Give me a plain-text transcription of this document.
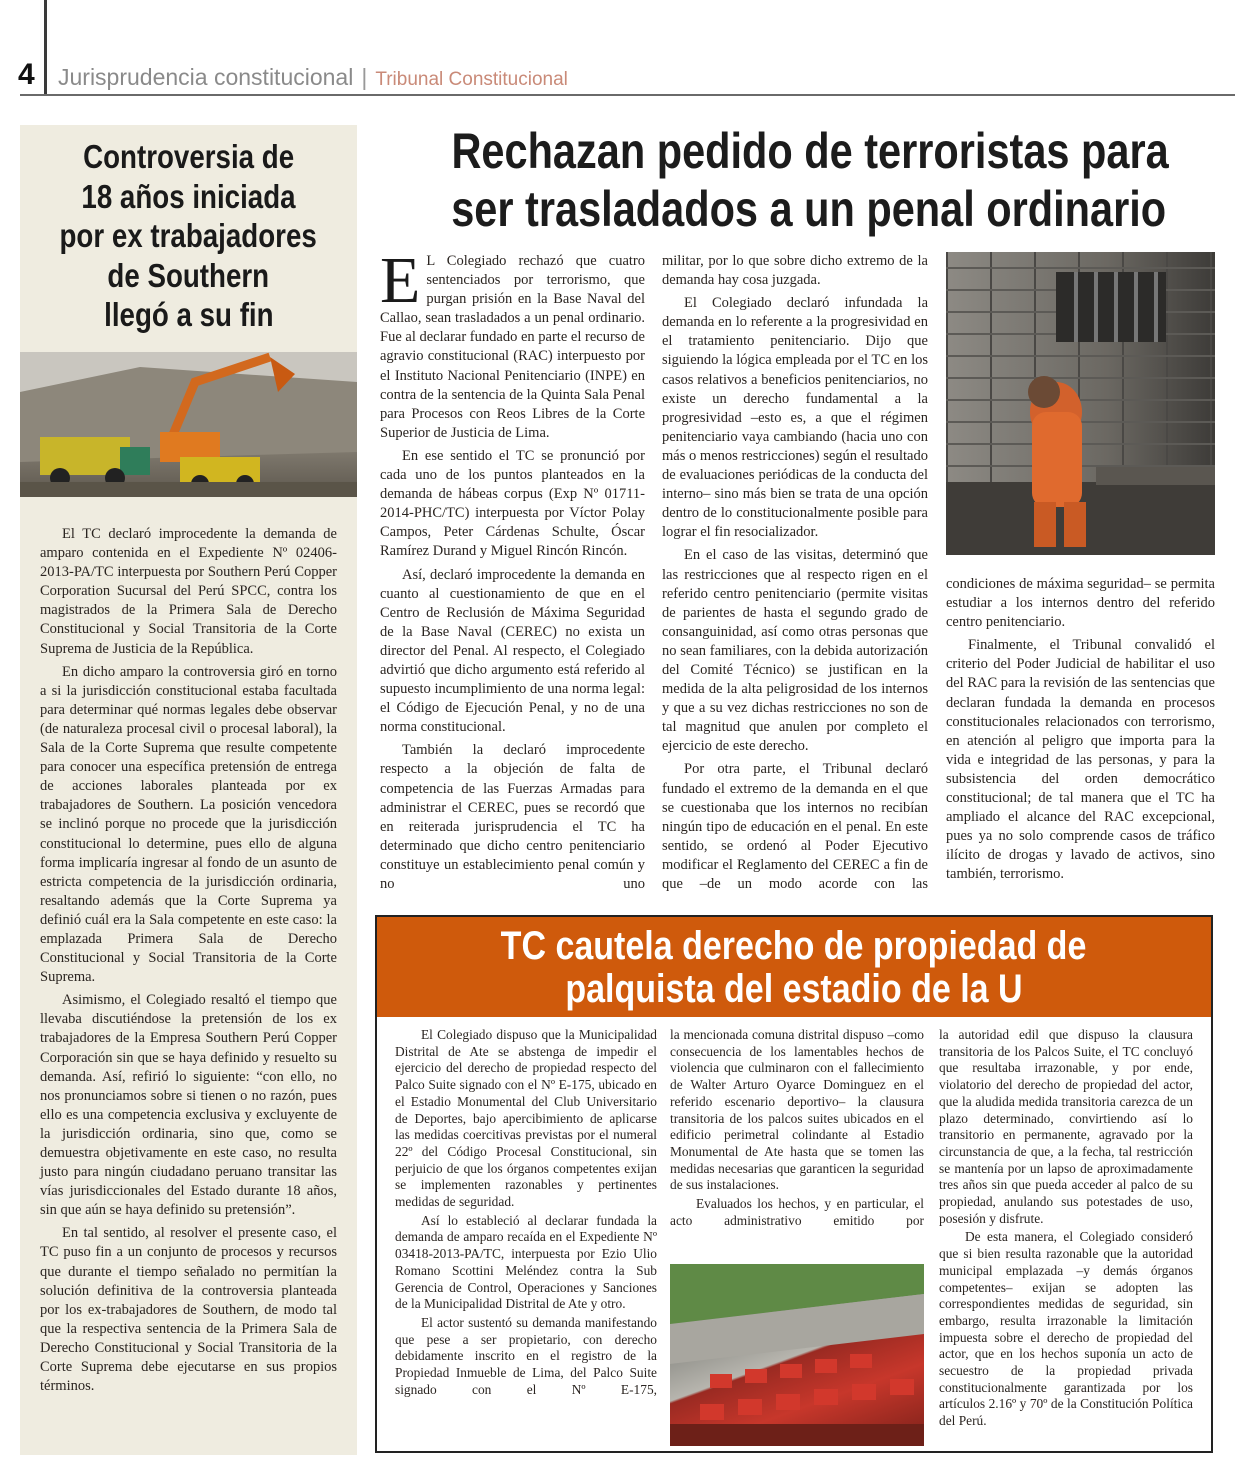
4 Jurisprudencia constitucional | Tribunal Constitucional
Controversia de
18 años iniciada
por ex trabajadores
de Southern
llegó a su fin

El TC declaró improcedente la demanda de amparo contenida en el Expediente Nº 02406-2013-PA/TC interpuesta por Southern Perú Copper Corporation Sucursal del Perú SPCC, contra los magistrados de la Primera Sala de Derecho Constitucional y Social Transitoria de la Corte Suprema de Justicia de la República.

En dicho amparo la controversia giró en torno a si la jurisdicción constitucional estaba facultada para determinar qué normas legales debe observar (de naturaleza procesal civil o procesal laboral), la Sala de la Corte Suprema que resulte competente para conocer una específica pretensión de entrega de acciones laborales planteada por ex trabajadores de Southern. La posición vencedora se inclinó porque no procede que la jurisdicción constitucional lo determine, pues ello de alguna forma implicaría ingresar al fondo de un asunto de estricta competencia de la jurisdicción ordinaria, resaltando además que la Corte Suprema ya definió cuál era la Sala competente en este caso: la emplazada Primera Sala de Derecho Constitucional y Social Transitoria de la Corte Suprema.

Asimismo, el Colegiado resaltó el tiempo que llevaba discutiéndose la pretensión de los ex trabajadores de la Empresa Southern Perú Copper Corporación sin que se haya definido y resuelto su demanda. Así, refirió lo siguiente: “con ello, no nos pronunciamos sobre si tienen o no razón, pues ello es una competencia exclusiva y excluyente de la jurisdicción ordinaria, sino que, como se demuestra objetivamente en este caso, no resulta justo para ningún ciudadano peruano transitar las vías jurisdiccionales del Estado durante 18 años, sin que aún se haya definido su pretensión”.

En tal sentido, al resolver el presente caso, el TC puso fin a un conjunto de procesos y recursos que durante el tiempo señalado no permitían la solución definitiva de la controversia planteada por los ex-trabajadores de Southern, de modo tal que la respectiva sentencia de la Primera Sala de Derecho Constitucional y Social Transitoria de la Corte Suprema debe ejecutarse en sus propios términos.

Rechazan pedido de terroristas para
ser trasladados a un penal ordinario

E L Colegiado rechazó que cuatro sentenciados por terrorismo, que purgan prisión en la Base Naval del Callao, sean trasladados a un penal ordinario. Fue al declarar fundado en parte el recurso de agravio constitucional (RAC) interpuesto por el Instituto Nacional Penitenciario (INPE) en contra de la sentencia de la Quinta Sala Penal para Procesos con Reos Libres de la Corte Superior de Justicia de Lima.

En ese sentido el TC se pronunció por cada uno de los puntos planteados en la demanda de hábeas corpus (Exp Nº 01711-2014-PHC/TC) interpuesta por Víctor Polay Campos, Peter Cárdenas Schulte, Óscar Ramírez Durand y Miguel Rincón Rincón.

Así, declaró improcedente la demanda en cuanto al cuestionamiento de que en el Centro de Reclusión de Máxima Seguridad de la Base Naval (CEREC) no exista un director del Penal. Al respecto, el Colegiado advirtió que dicho argumento está referido al supuesto incumplimiento de una norma legal: el Código de Ejecución Penal, y no de una norma constitucional.

También la declaró improcedente respecto a la objeción de falta de competencia de las Fuerzas Armadas para administrar el CEREC, pues se recordó que en reiterada jurisprudencia el TC ha determinado que dicho centro penitenciario constituye un establecimiento penal común y no uno

militar, por lo que sobre dicho extremo de la demanda hay cosa juzgada.

El Colegiado declaró infundada la demanda en lo referente a la progresividad en el tratamiento penitenciario. Dijo que siguiendo la lógica empleada por el TC en los casos relativos a beneficios penitenciarios, no existe un derecho fundamental a la progresividad –esto es, a que el régimen penitenciario vaya cambiando (hacia uno con más o menos restricciones) según el resultado de evaluaciones periódicas de la conducta del interno– sino más bien se trata de una opción dentro de lo constitucionalmente posible para lograr el fin resocializador.

En el caso de las visitas, determinó que las restricciones que al respecto rigen en el referido centro penitenciario (permite visitas de parientes de hasta el segundo grado de consanguinidad, así como otras personas que no sean familiares, con la debida autorización del Comité Técnico) se justifican en la medida de la alta peligrosidad de los internos y que a su vez dichas restricciones no son de tal magnitud que anulen por completo el ejercicio de este derecho.

Por otra parte, el Tribunal declaró fundado el extremo de la demanda en el que se cuestionaba que los internos no recibían ningún tipo de educación en el penal. En este sentido, se ordenó al Poder Ejecutivo modificar el Reglamento del CEREC a fin de que –de un modo acorde con las

condiciones de máxima seguridad– se permita estudiar a los internos dentro del referido centro penitenciario.

Finalmente, el Tribunal convalidó el criterio del Poder Judicial de habilitar el uso del RAC para la revisión de las sentencias que declaran fundada la demanda en procesos constitucionales relacionados con terrorismo, en atención al peligro que importa para la vida e integridad de las personas, y para la subsistencia del orden democrático constitucional; de tal manera que el TC ha ampliado el alcance del RAC excepcional, pues ya no solo comprende casos de tráfico ilícito de drogas y lavado de activos, sino también, terrorismo.

TC cautela derecho de propiedad de
palquista del estadio de la U

El Colegiado dispuso que la Municipalidad Distrital de Ate se abstenga de impedir el ejercicio del derecho de propiedad respecto del Palco Suite signado con el Nº E-175, ubicado en el Estadio Monumental del Club Universitario de Deportes, bajo apercibimiento de aplicarse las medidas coercitivas previstas por el numeral 22º del Código Procesal Constitucional, sin perjuicio de que los órganos competentes exijan se implementen razonables y pertinentes medidas de seguridad.

Así lo estableció al declarar fundada la demanda de amparo recaída en el Expediente Nº 03418-2013-PA/TC, interpuesta por Ezio Ulio Romano Scottini Meléndez contra la Sub Gerencia de Control, Operaciones y Sanciones de la Municipalidad Distrital de Ate y otro.

El actor sustentó su demanda manifestando que pese a ser propietario, con derecho debidamente inscrito en el registro de la Propiedad Inmueble de Lima, del Palco Suite signado con el Nº E-175,

la mencionada comuna distrital dispuso –como consecuencia de los lamentables hechos de violencia que culminaron con el fallecimiento de Walter Arturo Oyarce Dominguez en el referido escenario deportivo– la clausura transitoria de los palcos suites ubicados en el edificio perimetral colindante al Estadio Monumental de Ate hasta que se tomen las medidas necesarias que garanticen la seguridad de sus instalaciones.

Evaluados los hechos, y en particular, el acto administrativo emitido por

la autoridad edil que dispuso la clausura transitoria de los Palcos Suite, el TC concluyó que resultaba irrazonable, y por ende, violatorio del derecho de propiedad del actor, que la aludida medida transitoria carezca de un plazo determinado, convirtiendo así lo transitorio en permanente, agravado por la circunstancia de que, a la fecha, tal restricción se mantenía por un lapso de aproximadamente tres años sin que pueda acceder al palco de su propiedad, anulando sus potestades de uso, posesión y disfrute.

De esta manera, el Colegiado consideró que si bien resulta razonable que la autoridad municipal emplazada –y demás órganos competentes– exijan se adopten las correspondientes medidas de seguridad, sin embargo, resulta irrazonable la limitación impuesta sobre el derecho de propiedad del actor, que en los hechos suponía un acto de secuestro de la propiedad privada constitucionalmente garantizada por los artículos 2.16º y 70º de la Constitución Política del Perú.
